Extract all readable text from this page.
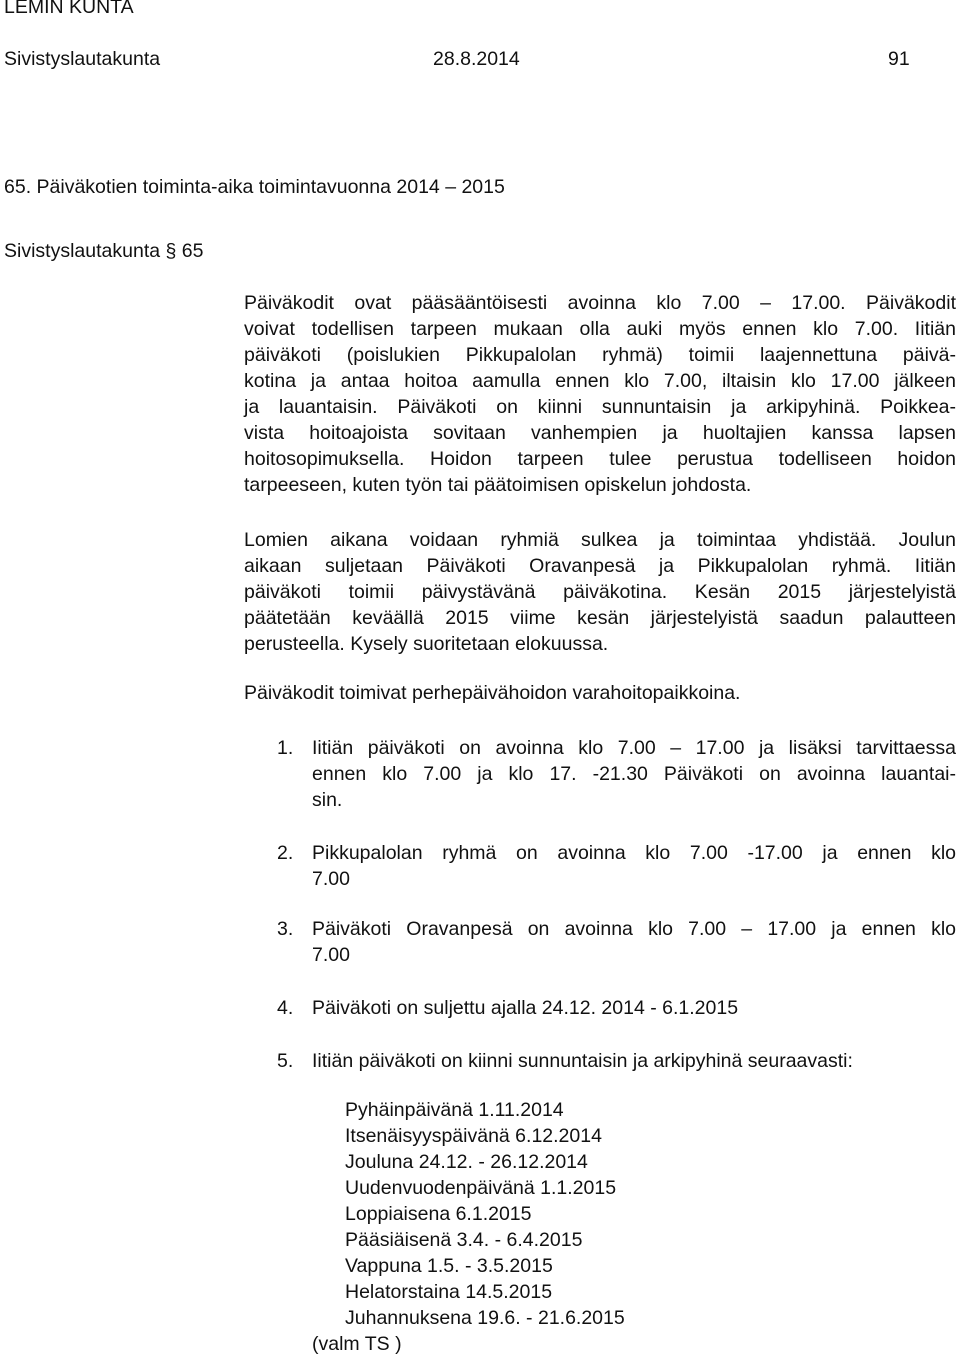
LEMIN KUNTA
Sivistyslautakunta	28.8.2014	91
65. Päiväkotien toiminta-aika toimintavuonna 2014 – 2015
Sivistyslautakunta § 65
Päiväkodit ovat pääsääntöisesti avoinna klo 7.00 – 17.00. Päiväkodit
voivat todellisen tarpeen mukaan olla auki myös ennen klo 7.00. Iitiän
päiväkoti (poislukien Pikkupalolan ryhmä) toimii laajennettuna päivä-
kotina ja antaa hoitoa aamulla ennen klo 7.00, iltaisin klo 17.00 jälkeen
ja lauantaisin. Päiväkoti on kiinni sunnuntaisin ja arkipyhinä. Poikkea-
vista hoitoajoista sovitaan vanhempien ja huoltajien kanssa lapsen
hoitosopimuksella. Hoidon tarpeen tulee perustua todelliseen hoidon
tarpeeseen, kuten työn tai päätoimisen opiskelun johdosta.
Lomien aikana voidaan ryhmiä sulkea ja toimintaa yhdistää. Joulun
aikaan suljetaan Päiväkoti Oravanpesä ja Pikkupalolan ryhmä. Iitiän
päiväkoti toimii päivystävänä päiväkotina. Kesän 2015 järjestelyistä
päätetään keväällä 2015 viime kesän järjestelyistä saadun palautteen
perusteella. Kysely suoritetaan elokuussa.
Päiväkodit toimivat perhepäivähoidon varahoitopaikkoina.
1. Iitiän päiväkoti on avoinna klo 7.00 – 17.00 ja lisäksi tarvittaessa
ennen klo 7.00 ja klo 17. -21.30 Päiväkoti on avoinna lauantai-
sin.
2. Pikkupalolan ryhmä on avoinna klo 7.00 -17.00 ja ennen klo
7.00
3. Päiväkoti Oravanpesä on avoinna klo 7.00 – 17.00 ja ennen klo
7.00
4. Päiväkoti on suljettu ajalla 24.12. 2014 - 6.1.2015
5. Iitiän päiväkoti on kiinni sunnuntaisin ja arkipyhinä seuraavasti:
Pyhäinpäivänä 1.11.2014
Itsenäisyyspäivänä 6.12.2014
Jouluna 24.12. - 26.12.2014
Uudenvuodenpäivänä 1.1.2015
Loppiaisena 6.1.2015
Pääsiäisenä 3.4. - 6.4.2015
Vappuna 1.5. - 3.5.2015
Helatorstaina 14.5.2015
Juhannuksena 19.6. - 21.6.2015
(valm TS )
